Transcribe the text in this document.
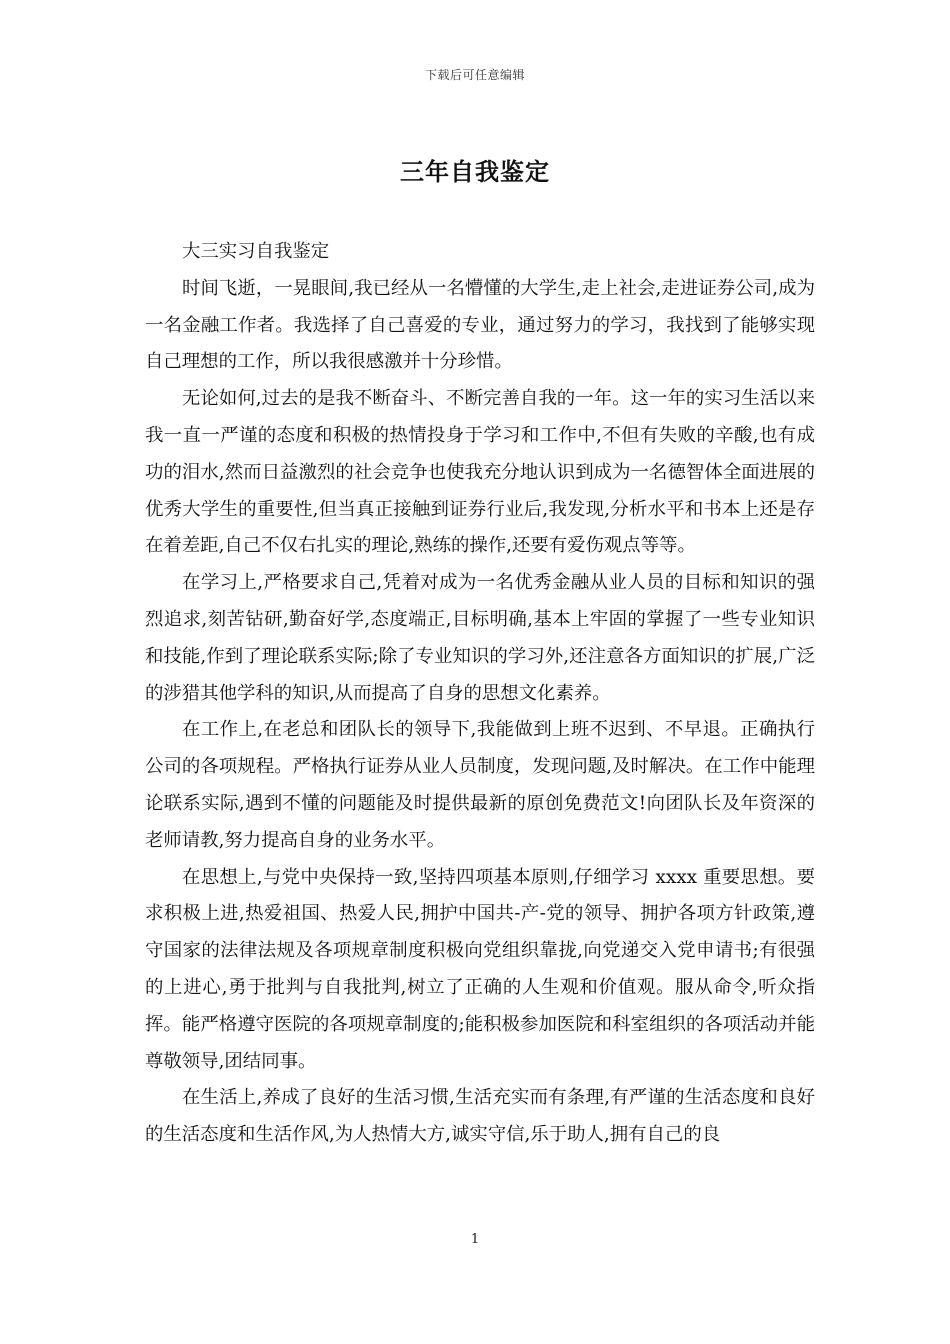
下载后可任意编辑
三年自我鉴定

大三实习自我鉴定

时间飞逝，一晃眼间,我已经从一名懵懂的大学生,走上社会,走进证券公司,成为一名金融工作者。我选择了自己喜爱的专业，通过努力的学习，我找到了能够实现自己理想的工作，所以我很感激并十分珍惜。

无论如何,过去的是我不断奋斗、不断完善自我的一年。这一年的实习生活以来我一直一严谨的态度和积极的热情投身于学习和工作中,不但有失败的辛酸,也有成功的泪水,然而日益激烈的社会竞争也使我充分地认识到成为一名德智体全面进展的优秀大学生的重要性,但当真正接触到证券行业后,我发现,分析水平和书本上还是存在着差距,自己不仅右扎实的理论,熟练的操作,还要有爱伤观点等等。

在学习上,严格要求自己,凭着对成为一名优秀金融从业人员的目标和知识的强烈追求,刻苦钻研,勤奋好学,态度端正,目标明确,基本上牢固的掌握了一些专业知识和技能,作到了理论联系实际;除了专业知识的学习外,还注意各方面知识的扩展,广泛的涉猎其他学科的知识,从而提高了自身的思想文化素养。

在工作上,在老总和团队长的领导下,我能做到上班不迟到、不早退。正确执行公司的各项规程。严格执行证券从业人员制度，发现问题,及时解决。在工作中能理论联系实际,遇到不懂的问题能及时提供最新的原创免费范文!向团队长及年资深的老师请教,努力提高自身的业务水平。

在思想上,与党中央保持一致,坚持四项基本原则,仔细学习 xxxx 重要思想。要求积极上进,热爱祖国、热爱人民,拥护中国共-产-党的领导、拥护各项方针政策,遵守国家的法律法规及各项规章制度积极向党组织靠拢,向党递交入党申请书;有很强的上进心,勇于批判与自我批判,树立了正确的人生观和价值观。服从命令,听众指挥。能严格遵守医院的各项规章制度的;能积极参加医院和科室组织的各项活动并能尊敬领导,团结同事。

在生活上,养成了良好的生活习惯,生活充实而有条理,有严谨的生活态度和良好的生活态度和生活作风,为人热情大方,诚实守信,乐于助人,拥有自己的良

1
